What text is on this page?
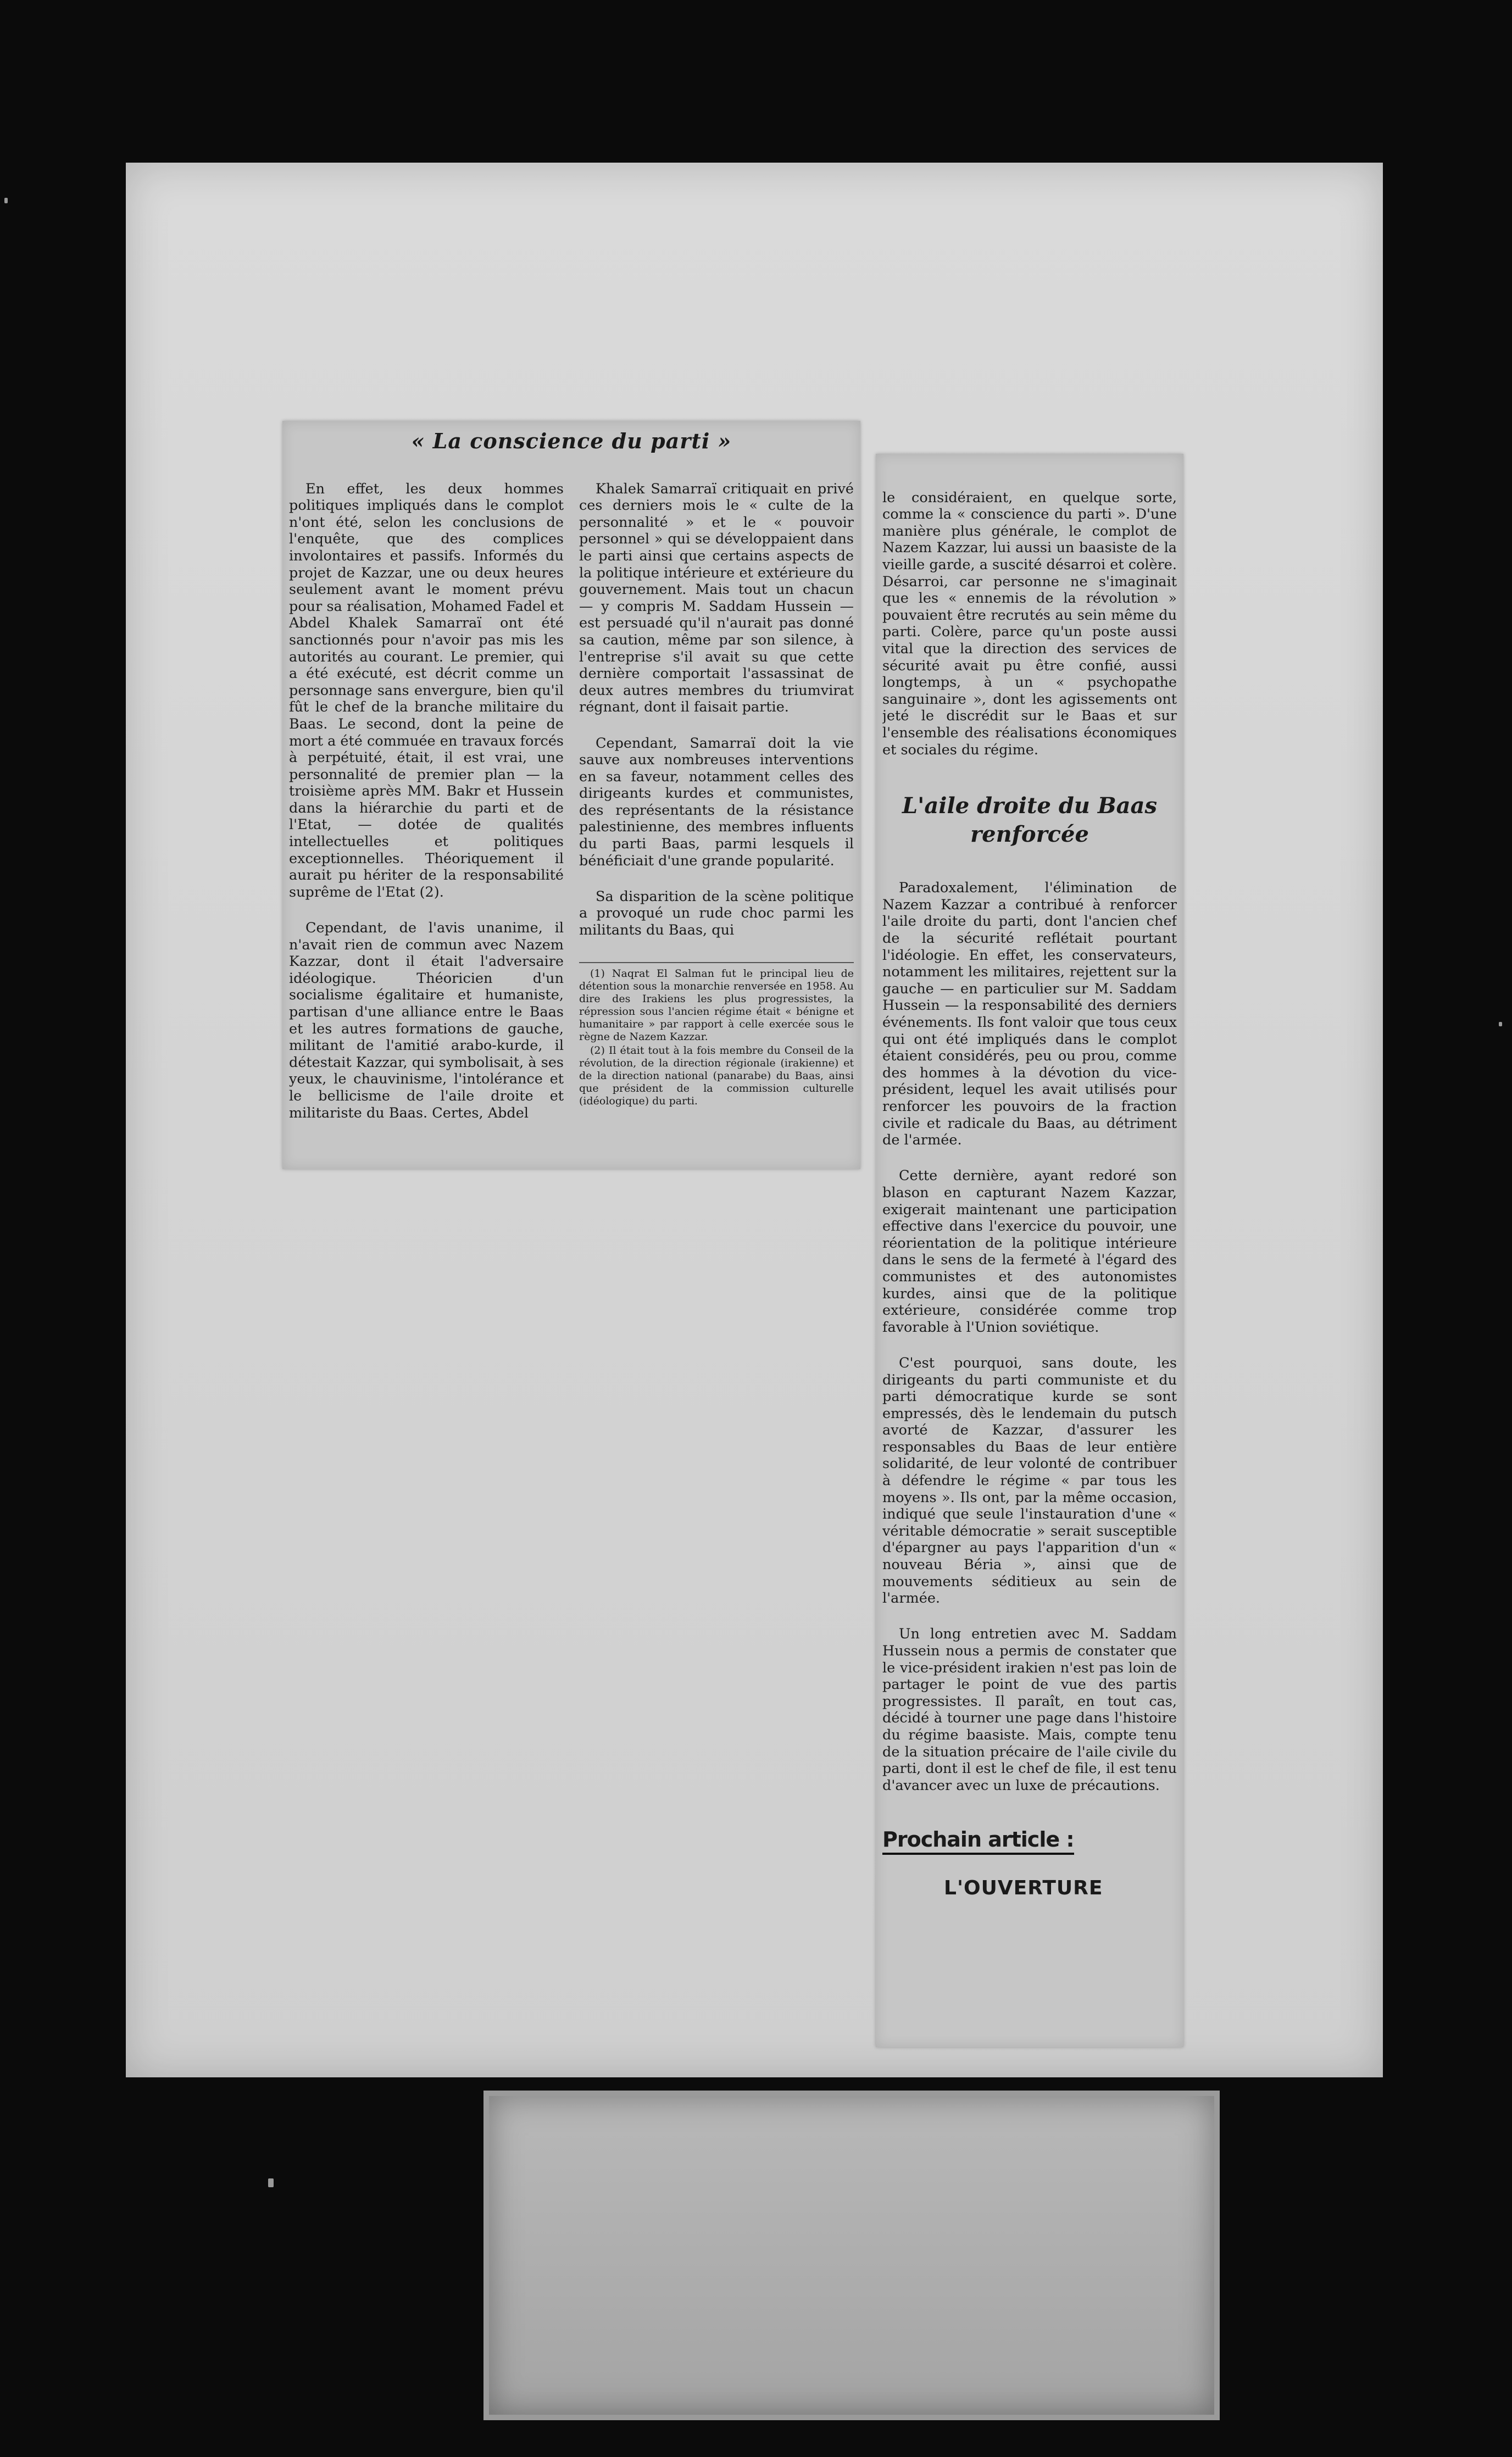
« La conscience du parti »

En effet, les deux hommes politiques impliqués dans le complot n'ont été, selon les conclusions de l'enquête, que des complices involontaires et passifs. Informés du projet de Kazzar, une ou deux heures seulement avant le moment prévu pour sa réalisation, Mohamed Fadel et Abdel Khalek Samarraï ont été sanctionnés pour n'avoir pas mis les autorités au courant. Le premier, qui a été exécuté, est décrit comme un personnage sans envergure, bien qu'il fût le chef de la branche militaire du Baas. Le second, dont la peine de mort a été commuée en travaux forcés à perpétuité, était, il est vrai, une personnalité de premier plan — la troisième après MM. Bakr et Hussein dans la hiérarchie du parti et de l'Etat, — dotée de qualités intellectuelles et politiques exceptionnelles. Théoriquement il aurait pu hériter de la responsabilité suprême de l'Etat (2).

Cependant, de l'avis unanime, il n'avait rien de commun avec Nazem Kazzar, dont il était l'adversaire idéologique. Théoricien d'un socialisme égalitaire et humaniste, partisan d'une alliance entre le Baas et les autres formations de gauche, militant de l'amitié arabo-kurde, il détestait Kazzar, qui symbolisait, à ses yeux, le chauvinisme, l'intolérance et le bellicisme de l'aile droite et militariste du Baas. Certes, Abdel

Khalek Samarraï critiquait en privé ces derniers mois le « culte de la personnalité » et le « pouvoir personnel » qui se développaient dans le parti ainsi que certains aspects de la politique intérieure et extérieure du gouvernement. Mais tout un chacun — y compris M. Saddam Hussein — est persuadé qu'il n'aurait pas donné sa caution, même par son silence, à l'entreprise s'il avait su que cette dernière comportait l'assassinat de deux autres membres du triumvirat régnant, dont il faisait partie.

Cependant, Samarraï doit la vie sauve aux nombreuses interventions en sa faveur, notamment celles des dirigeants kurdes et communistes, des représentants de la résistance palestinienne, des membres influents du parti Baas, parmi lesquels il bénéficiait d'une grande popularité.

Sa disparition de la scène politique a provoqué un rude choc parmi les militants du Baas, qui

(1) Naqrat El Salman fut le principal lieu de détention sous la monarchie renversée en 1958. Au dire des Irakiens les plus progressistes, la répression sous l'ancien régime était « bénigne et humanitaire » par rapport à celle exercée sous le règne de Nazem Kazzar.

(2) Il était tout à la fois membre du Conseil de la révolution, de la direction régionale (irakienne) et de la direction national (panarabe) du Baas, ainsi que président de la commission culturelle (idéologique) du parti.

le considéraient, en quelque sorte, comme la « conscience du parti ». D'une manière plus générale, le complot de Nazem Kazzar, lui aussi un baasiste de la vieille garde, a suscité désarroi et colère. Désarroi, car personne ne s'imaginait que les « ennemis de la révolution » pouvaient être recrutés au sein même du parti. Colère, parce qu'un poste aussi vital que la direction des services de sécurité avait pu être confié, aussi longtemps, à un « psychopathe sanguinaire », dont les agissements ont jeté le discrédit sur le Baas et sur l'ensemble des réalisations économiques et sociales du régime.

L'aile droite du Baas renforcée

Paradoxalement, l'élimination de Nazem Kazzar a contribué à renforcer l'aile droite du parti, dont l'ancien chef de la sécurité reflétait pourtant l'idéologie. En effet, les conservateurs, notamment les militaires, rejettent sur la gauche — en particulier sur M. Saddam Hussein — la responsabilité des derniers événements. Ils font valoir que tous ceux qui ont été impliqués dans le complot étaient considérés, peu ou prou, comme des hommes à la dévotion du vice-président, lequel les avait utilisés pour renforcer les pouvoirs de la fraction civile et radicale du Baas, au détriment de l'armée.

Cette dernière, ayant redoré son blason en capturant Nazem Kazzar, exigerait maintenant une participation effective dans l'exercice du pouvoir, une réorientation de la politique intérieure dans le sens de la fermeté à l'égard des communistes et des autonomistes kurdes, ainsi que de la politique extérieure, considérée comme trop favorable à l'Union soviétique.

C'est pourquoi, sans doute, les dirigeants du parti communiste et du parti démocratique kurde se sont empressés, dès le lendemain du putsch avorté de Kazzar, d'assurer les responsables du Baas de leur entière solidarité, de leur volonté de contribuer à défendre le régime « par tous les moyens ». Ils ont, par la même occasion, indiqué que seule l'instauration d'une « véritable démocratie » serait susceptible d'épargner au pays l'apparition d'un « nouveau Béria », ainsi que de mouvements séditieux au sein de l'armée.

Un long entretien avec M. Saddam Hussein nous a permis de constater que le vice-président irakien n'est pas loin de partager le point de vue des partis progressistes. Il paraît, en tout cas, décidé à tourner une page dans l'histoire du régime baasiste. Mais, compte tenu de la situation précaire de l'aile civile du parti, dont il est le chef de file, il est tenu d'avancer avec un luxe de précautions.

Prochain article :
L'OUVERTURE
